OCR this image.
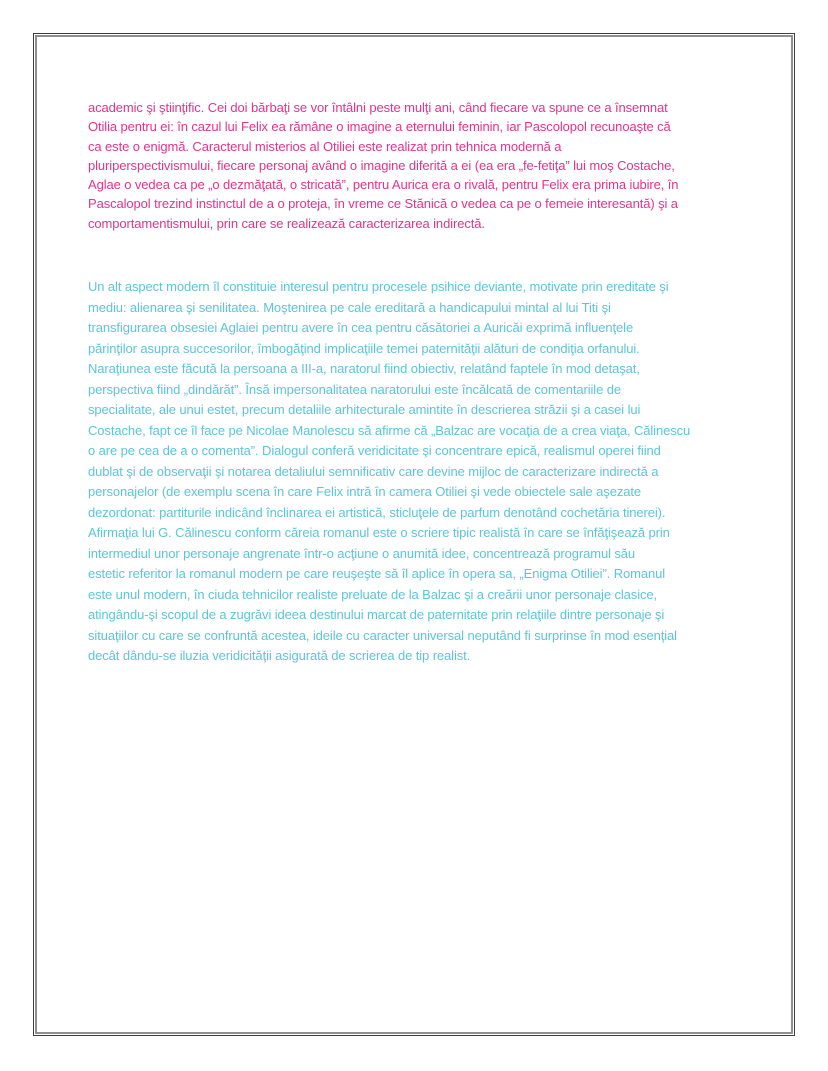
academic şi ştiinţific. Cei doi bărbaţi se vor întâlni peste mulţi ani, când fiecare va spune ce a însemnat
Otilia pentru ei: în cazul lui Felix ea rămâne o imagine a eternului feminin, iar Pascolopol recunoaşte că
ca este o enigmă. Caracterul misterios al Otiliei este realizat prin tehnica modernă a
pluriperspectivismului, fiecare personaj având o imagine diferită a ei (ea era „fe-fetiţa” lui moş Costache,
Aglae o vedea ca pe „o dezmăţată, o stricată”, pentru Aurica era o rivală, pentru Felix era prima iubire, în
Pascalopol trezind instinctul de a o proteja, în vreme ce Stănică o vedea ca pe o femeie interesantă) şi a
comportamentismului, prin care se realizează caracterizarea indirectă.
Un alt aspect modern îl constituie interesul pentru procesele psihice deviante, motivate prin ereditate şi
mediu: alienarea şi senilitatea. Moştenirea pe cale ereditară a handicapului mintal al lui Titi şi
transfigurarea obsesiei Aglaiei pentru avere în cea pentru căsătoriei a Auricăi exprimă influenţele
părinţilor asupra succesorilor, îmbogăţind implicaţiile temei paternităţii alături de condiţia orfanului.
Naraţiunea este făcută la persoana a III-a, naratorul fiind obiectiv, relatând faptele în mod detaşat,
perspectiva fiind „dindărăt”. Însă impersonalitatea naratorului este încălcată de comentariile de
specialitate, ale unui estet, precum detaliile arhitecturale amintite în descrierea străzii şi a casei lui
Costache, fapt ce îl face pe Nicolae Manolescu să afirme că „Balzac are vocaţia de a crea viaţa, Călinescu
o are pe cea de a o comenta”. Dialogul conferă veridicitate şi concentrare epică, realismul operei fiind
dublat şi de observaţii şi notarea detaliului semnificativ care devine mijloc de caracterizare indirectă a
personajelor (de exemplu scena în care Felix intră în camera Otiliei şi vede obiectele sale aşezate
dezordonat: partiturile indicând înclinarea ei artistică, sticluţele de parfum denotând cochetăria tinerei).
Afirmaţia lui G. Călinescu conform căreia romanul este o scriere tipic realistă în care se înfăţişează prin
intermediul unor personaje angrenate într-o acţiune o anumită idee, concentrează programul său
estetic referitor la romanul modern pe care reuşeşte să îl aplice în opera sa, „Enigma Otiliei”. Romanul
este unul modern, în ciuda tehnicilor realiste preluate de la Balzac şi a creării unor personaje clasice,
atingându-şi scopul de a zugrăvi ideea destinului marcat de paternitate prin relaţiile dintre personaje şi
situaţiilor cu care se confruntă acestea, ideile cu caracter universal neputând fi surprinse în mod esenţial
decât dându-se iluzia veridicităţii asigurată de scrierea de tip realist.
